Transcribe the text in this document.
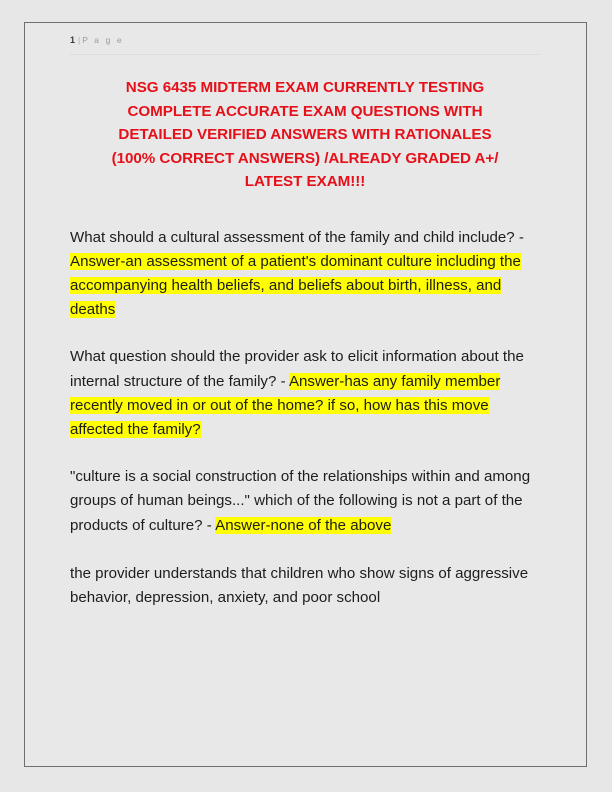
1 | P a g e
NSG 6435 MIDTERM EXAM CURRENTLY TESTING
COMPLETE ACCURATE EXAM QUESTIONS WITH
DETAILED VERIFIED ANSWERS WITH RATIONALES
(100% CORRECT ANSWERS) /ALREADY GRADED A+/
LATEST EXAM!!!

What should a cultural assessment of the family and child include? - Answer-an assessment of a patient's dominant culture including the accompanying health beliefs, and beliefs about birth, illness, and deaths

What question should the provider ask to elicit information about the internal structure of the family? - Answer-has any family member recently moved in or out of the home? if so, how has this move affected the family?

"culture is a social construction of the relationships within and among groups of human beings..." which of the following is not a part of the products of culture? - Answer-none of the above

the provider understands that children who show signs of aggressive behavior, depression, anxiety, and poor school
